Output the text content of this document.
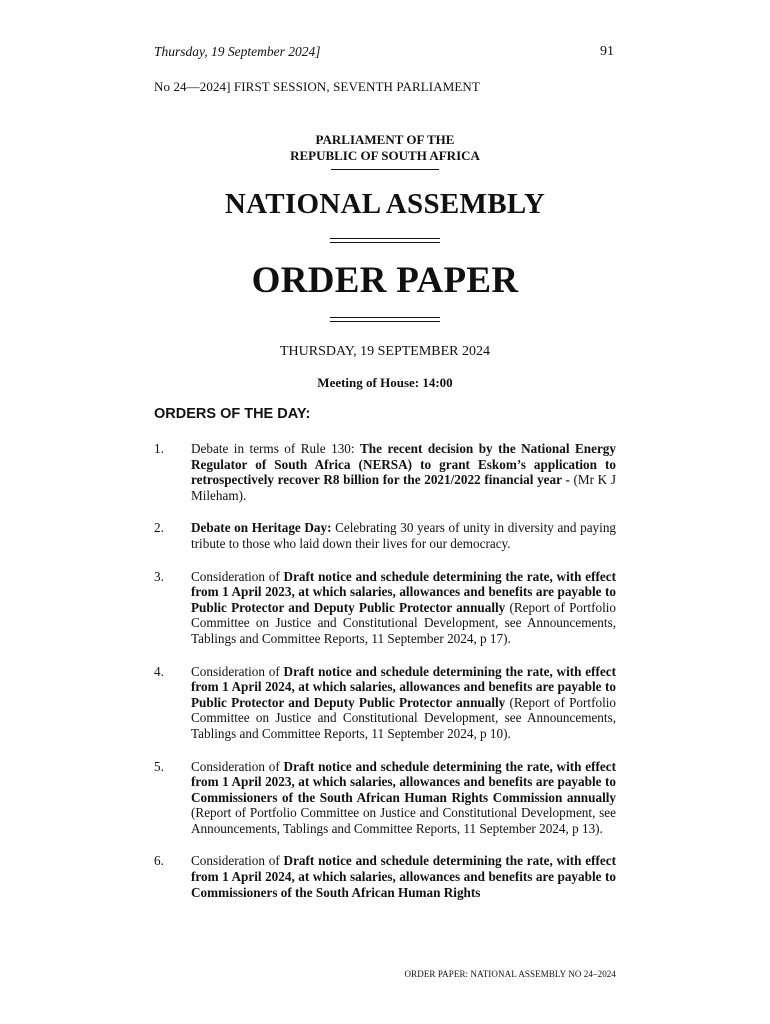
Thursday, 19 September 2024]	91
No 24—2024] FIRST SESSION, SEVENTH PARLIAMENT
PARLIAMENT OF THE
REPUBLIC OF SOUTH AFRICA
NATIONAL ASSEMBLY
ORDER PAPER
THURSDAY, 19 SEPTEMBER 2024
Meeting of House: 14:00
ORDERS OF THE DAY:
1. Debate in terms of Rule 130: The recent decision by the National Energy Regulator of South Africa (NERSA) to grant Eskom’s application to retrospectively recover R8 billion for the 2021/2022 financial year - (Mr K J Mileham).
2. Debate on Heritage Day: Celebrating 30 years of unity in diversity and paying tribute to those who laid down their lives for our democracy.
3. Consideration of Draft notice and schedule determining the rate, with effect from 1 April 2023, at which salaries, allowances and benefits are payable to Public Protector and Deputy Public Protector annually (Report of Portfolio Committee on Justice and Constitutional Development, see Announcements, Tablings and Committee Reports, 11 September 2024, p 17).
4. Consideration of Draft notice and schedule determining the rate, with effect from 1 April 2024, at which salaries, allowances and benefits are payable to Public Protector and Deputy Public Protector annually (Report of Portfolio Committee on Justice and Constitutional Development, see Announcements, Tablings and Committee Reports, 11 September 2024, p 10).
5. Consideration of Draft notice and schedule determining the rate, with effect from 1 April 2023, at which salaries, allowances and benefits are payable to Commissioners of the South African Human Rights Commission annually (Report of Portfolio Committee on Justice and Constitutional Development, see Announcements, Tablings and Committee Reports, 11 September 2024, p 13).
6. Consideration of Draft notice and schedule determining the rate, with effect from 1 April 2024, at which salaries, allowances and benefits are payable to Commissioners of the South African Human Rights
ORDER PAPER: NATIONAL ASSEMBLY NO 24–2024
